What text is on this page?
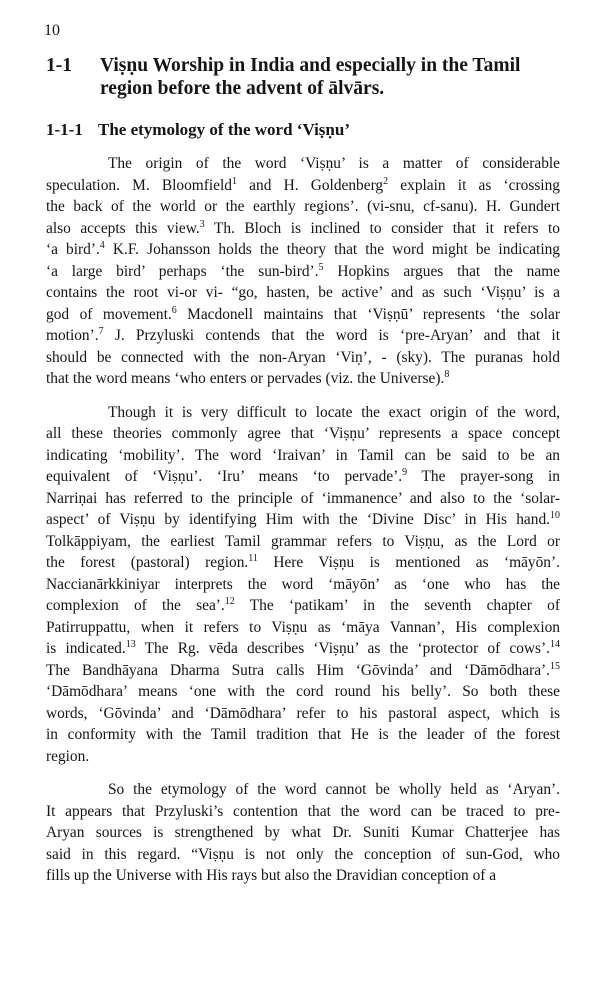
10
1-1 Viṣṇu Worship in India and especially in the Tamil
region before the advent of ālvārs.
1-1-1 The etymology of the word ‘Viṣṇu’
The origin of the word ‘Viṣṇu’ is a matter of considerable
speculation. M. Bloomfield$^1$ and H. Goldenberg$^2$ explain it as ‘crossing
the back of the world or the earthly regions’. (vi-snu, cf-sanu). H. Gundert
also accepts this view.$^3$ Th. Bloch is inclined to consider that it refers to
‘a bird’.$^4$ K.F. Johansson holds the theory that the word might be indicating
‘a large bird’ perhaps ‘the sun-bird’.$^5$ Hopkins argues that the name
contains the root vi-or vi- “go, hasten, be active’ and as such ‘Viṣṇu’ is a
god of movement.$^6$ Macdonell maintains that ‘Viṣṇū’ represents ‘the solar
motion’.$^7$ J. Przyluski contends that the word is ‘pre-Aryan’ and that it
should be connected with the non-Aryan ‘Viṇ’, - (sky). The puranas hold
that the word means ‘who enters or pervades (viz. the Universe).$^8$
Though it is very difficult to locate the exact origin of the word,
all these theories commonly agree that ‘Viṣṇu’ represents a space concept
indicating ‘mobility’. The word ‘Iraivan’ in Tamil can be said to be an
equivalent of ‘Viṣṇu’. ‘Iru’ means ‘to pervade’.$^9$ The prayer-song in
Narriṇai has referred to the principle of ‘immanence’ and also to the ‘solar-
aspect’ of Viṣṇu by identifying Him with the ‘Divine Disc’ in His hand.$^{10}$
Tolkāppiyam, the earliest Tamil grammar refers to Viṣṇu, as the Lord or
the forest (pastoral) region.$^{11}$ Here Viṣṇu is mentioned as ‘māyōn’.
Naccianārkkiniyar interprets the word ‘māyōn’ as ‘one who has the
complexion of the sea’.$^{12}$ The ‘patikam’ in the seventh chapter of
Patirruppattu, when it refers to Viṣṇu as ‘māya Vannan’, His complexion
is indicated.$^{13}$ The Rg. vēda describes ‘Viṣṇu’ as the ‘protector of cows’.$^{14}$
The Bandhāyana Dharma Sutra calls Him ‘Gōvinda’ and ‘Dāmōdhara’.$^{15}$
‘Dāmōdhara’ means ‘one with the cord round his belly’. So both these
words, ‘Gōvinda’ and ‘Dāmōdhara’ refer to his pastoral aspect, which is
in conformity with the Tamil tradition that He is the leader of the forest
region.
So the etymology of the word cannot be wholly held as ‘Aryan’.
It appears that Przyluski’s contention that the word can be traced to pre-
Aryan sources is strengthened by what Dr. Suniti Kumar Chatterjee has
said in this regard. “Viṣṇu is not only the conception of sun-God, who
fills up the Universe with His rays but also the Dravidian conception of a
